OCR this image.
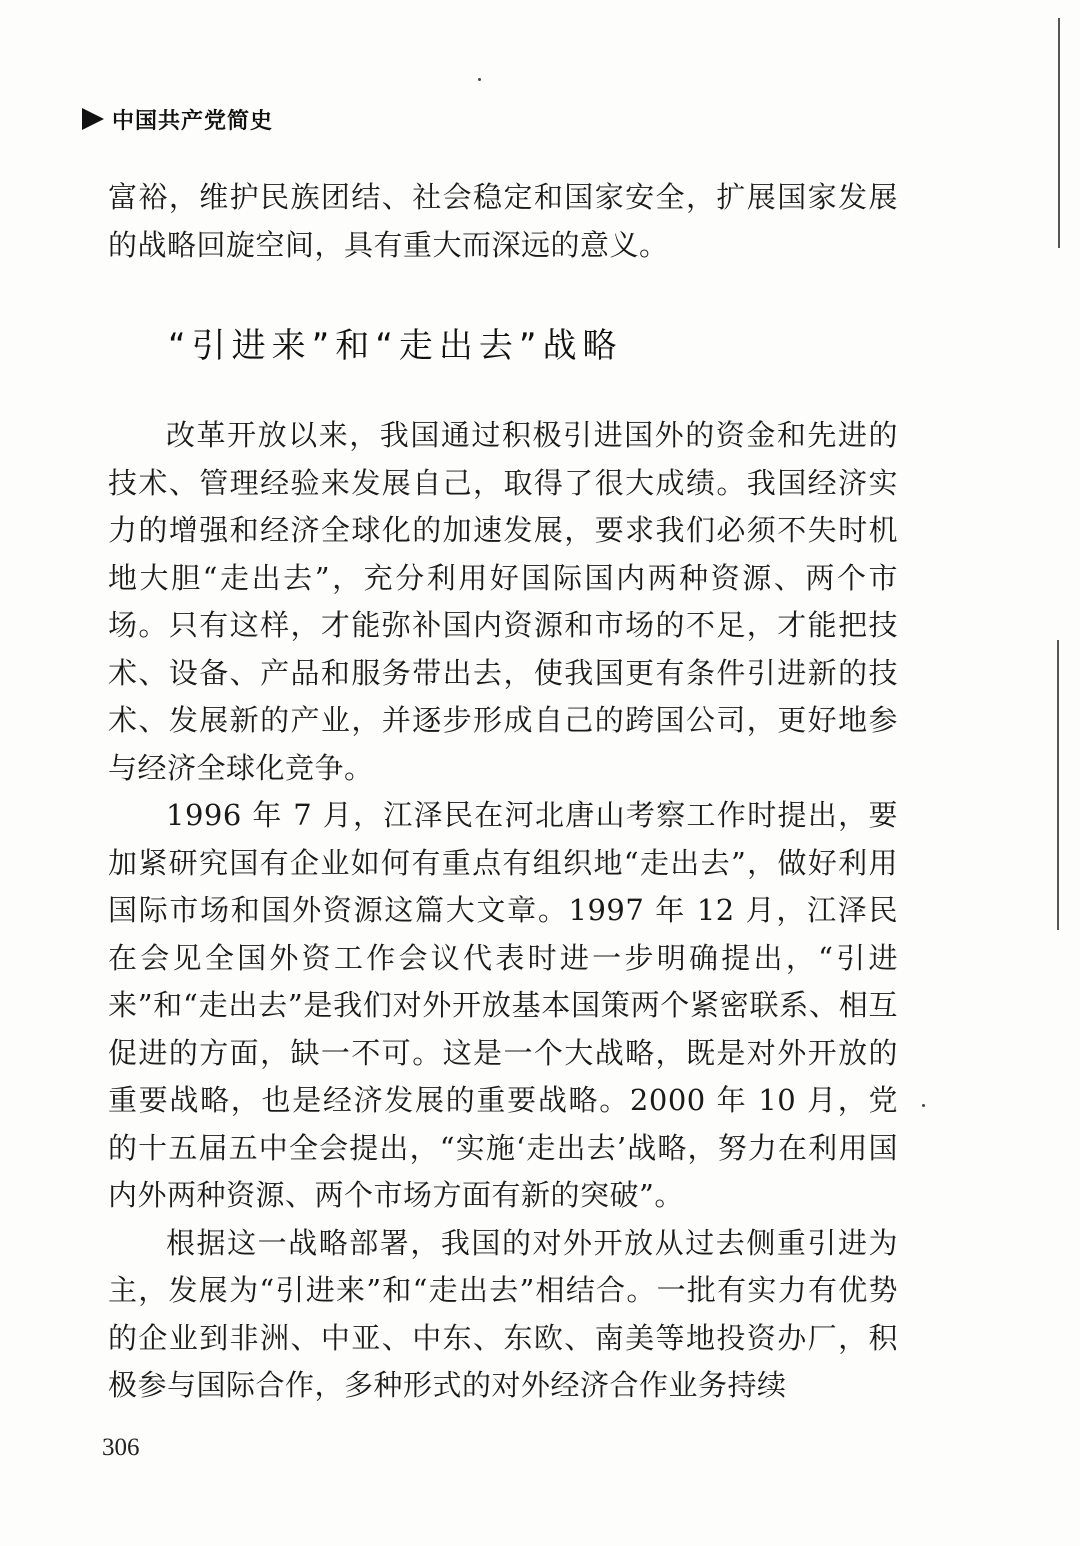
中国共产党简史

富裕，维护民族团结、社会稳定和国家安全，扩展国家发展的战略回旋空间，具有重大而深远的意义。

“引进来”和“走出去”战略

改革开放以来，我国通过积极引进国外的资金和先进的技术、管理经验来发展自己，取得了很大成绩。我国经济实力的增强和经济全球化的加速发展，要求我们必须不失时机地大胆“走出去”，充分利用好国际国内两种资源、两个市场。只有这样，才能弥补国内资源和市场的不足，才能把技术、设备、产品和服务带出去，使我国更有条件引进新的技术、发展新的产业，并逐步形成自己的跨国公司，更好地参与经济全球化竞争。

1996 年 7 月，江泽民在河北唐山考察工作时提出，要加紧研究国有企业如何有重点有组织地“走出去”，做好利用国际市场和国外资源这篇大文章。1997 年 12 月，江泽民在会见全国外资工作会议代表时进一步明确提出，“引进来”和“走出去”是我们对外开放基本国策两个紧密联系、相互促进的方面，缺一不可。这是一个大战略，既是对外开放的重要战略，也是经济发展的重要战略。2000 年 10 月，党的十五届五中全会提出，“实施‘走出去’战略，努力在利用国内外两种资源、两个市场方面有新的突破”。

根据这一战略部署，我国的对外开放从过去侧重引进为主，发展为“引进来”和“走出去”相结合。一批有实力有优势的企业到非洲、中亚、中东、东欧、南美等地投资办厂，积极参与国际合作，多种形式的对外经济合作业务持续

306
